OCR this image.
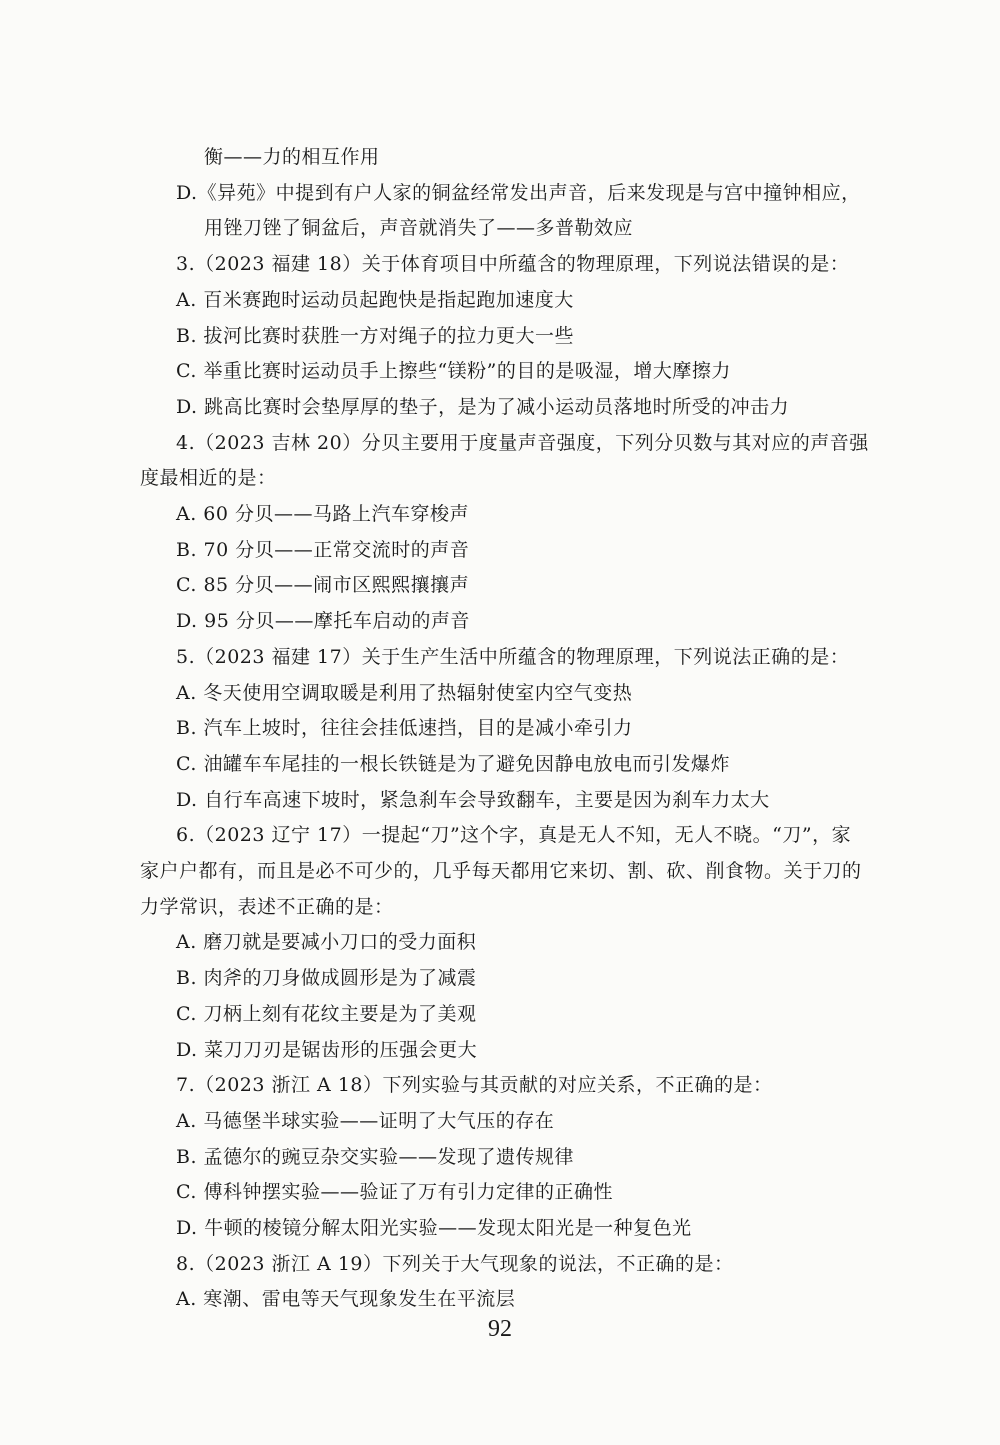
衡——力的相互作用
D.《异苑》中提到有户人家的铜盆经常发出声音，后来发现是与宫中撞钟相应，
用锉刀锉了铜盆后，声音就消失了——多普勒效应
3.（2023 福建 18）关于体育项目中所蕴含的物理原理，下列说法错误的是：
A. 百米赛跑时运动员起跑快是指起跑加速度大
B. 拔河比赛时获胜一方对绳子的拉力更大一些
C. 举重比赛时运动员手上擦些“镁粉”的目的是吸湿，增大摩擦力
D. 跳高比赛时会垫厚厚的垫子，是为了减小运动员落地时所受的冲击力
4.（2023 吉林 20）分贝主要用于度量声音强度，下列分贝数与其对应的声音强
度最相近的是：
A. 60 分贝——马路上汽车穿梭声
B. 70 分贝——正常交流时的声音
C. 85 分贝——闹市区熙熙攘攘声
D. 95 分贝——摩托车启动的声音
5.（2023 福建 17）关于生产生活中所蕴含的物理原理，下列说法正确的是：
A. 冬天使用空调取暖是利用了热辐射使室内空气变热
B. 汽车上坡时，往往会挂低速挡，目的是减小牵引力
C. 油罐车车尾挂的一根长铁链是为了避免因静电放电而引发爆炸
D. 自行车高速下坡时，紧急刹车会导致翻车，主要是因为刹车力太大
6.（2023 辽宁 17）一提起“刀”这个字，真是无人不知，无人不晓。“刀”，家
家户户都有，而且是必不可少的，几乎每天都用它来切、割、砍、削食物。关于刀的
力学常识，表述不正确的是：
A. 磨刀就是要减小刀口的受力面积
B. 肉斧的刀身做成圆形是为了减震
C. 刀柄上刻有花纹主要是为了美观
D. 菜刀刀刃是锯齿形的压强会更大
7.（2023 浙江 A 18）下列实验与其贡献的对应关系，不正确的是：
A. 马德堡半球实验——证明了大气压的存在
B. 孟德尔的豌豆杂交实验——发现了遗传规律
C. 傅科钟摆实验——验证了万有引力定律的正确性
D. 牛顿的棱镜分解太阳光实验——发现太阳光是一种复色光
8.（2023 浙江 A 19）下列关于大气现象的说法，不正确的是：
A. 寒潮、雷电等天气现象发生在平流层
92
